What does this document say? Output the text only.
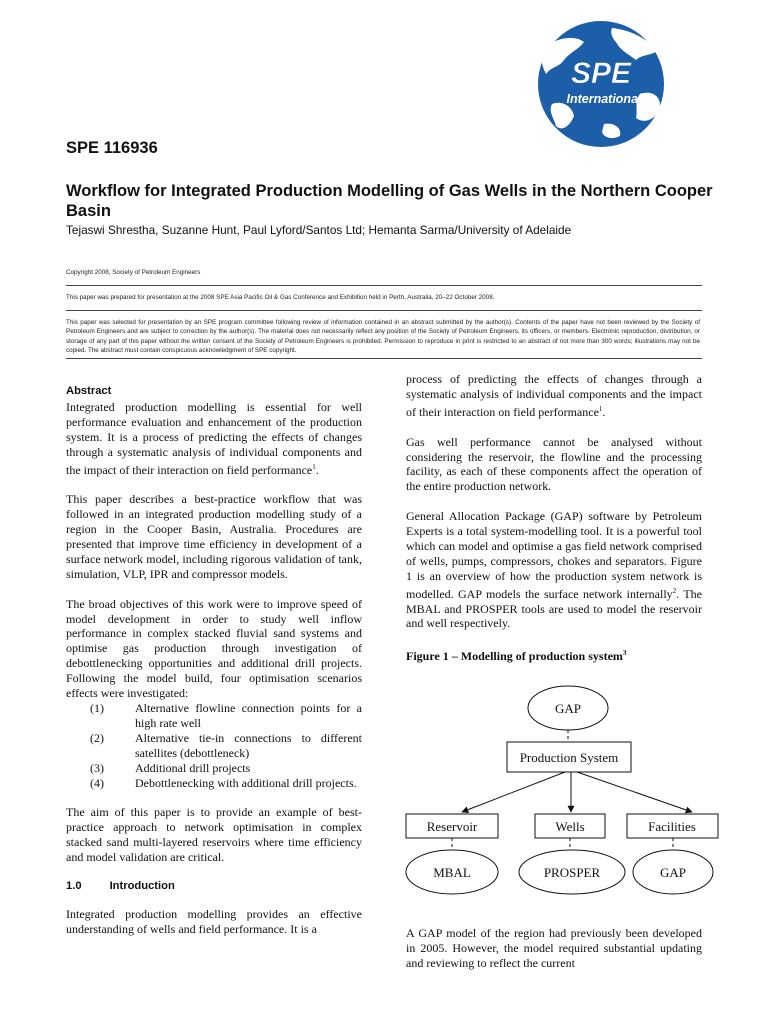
SPE
International
SPE 116936
Workflow for Integrated Production Modelling of Gas Wells in the Northern Cooper Basin
Tejaswi Shrestha, Suzanne Hunt, Paul Lyford/Santos Ltd; Hemanta Sarma/University of Adelaide
Copyright 2008, Society of Petroleum Engineers
This paper was prepared for presentation at the 2008 SPE Asia Pacific Oil & Gas Conference and Exhibition held in Perth, Australia, 20–22 October 2008.
This paper was selected for presentation by an SPE program committee following review of information contained in an abstract submitted by the author(s). Contents of the paper have not been reviewed by the Society of Petroleum Engineers and are subject to correction by the author(s). The material does not necessarily reflect any position of the Society of Petroleum Engineers, its officers, or members. Electronic reproduction, distribution, or storage of any part of this paper without the written consent of the Society of Petroleum Engineers is prohibited. Permission to reproduce in print is restricted to an abstract of not more than 300 words; illustrations may not be copied. The abstract must contain conspicuous acknowledgment of SPE copyright.
Abstract

Integrated production modelling is essential for well performance evaluation and enhancement of the production system. It is a process of predicting the effects of changes through a systematic analysis of individual components and the impact of their interaction on field performance$^1$.

This paper describes a best-practice workflow that was followed in an integrated production modelling study of a region in the Cooper Basin, Australia. Procedures are presented that improve time efficiency in development of a surface network model, including rigorous validation of tank, simulation, VLP, IPR and compressor models.

The broad objectives of this work were to improve speed of model development in order to study well inflow performance in complex stacked fluvial sand systems and optimise gas production through investigation of debottlenecking opportunities and additional drill projects. Following the model build, four optimisation scenarios effects were investigated:

(1)	Alternative flowline connection points for a high rate well
(2)	Alternative tie-in connections to different satellites (debottleneck)
(3)	Additional drill projects
(4)	Debottlenecking with additional drill projects.

The aim of this paper is to provide an example of best-practice approach to network optimisation in complex stacked sand multi-layered reservoirs where time efficiency and model validation are critical.

1.0	Introduction

Integrated production modelling provides an effective understanding of wells and field performance. It is a

process of predicting the effects of changes through a systematic analysis of individual components and the impact of their interaction on field performance$^1$.

Gas well performance cannot be analysed without considering the reservoir, the flowline and the processing facility, as each of these components affect the operation of the entire production network.

General Allocation Package (GAP) software by Petroleum Experts is a total system-modelling tool. It is a powerful tool which can model and optimise a gas field network comprised of wells, pumps, compressors, chokes and separators. Figure 1 is an overview of how the production system network is modelled. GAP models the surface network internally$^2$. The MBAL and PROSPER tools are used to model the reservoir and well respectively.

Figure 1 – Modelling of production system$^3$

GAP
Production System
Reservoir	Wells	Facilities
MBAL	PROSPER	GAP
A GAP model of the region had previously been developed in 2005. However, the model required substantial updating and reviewing to reflect the current
